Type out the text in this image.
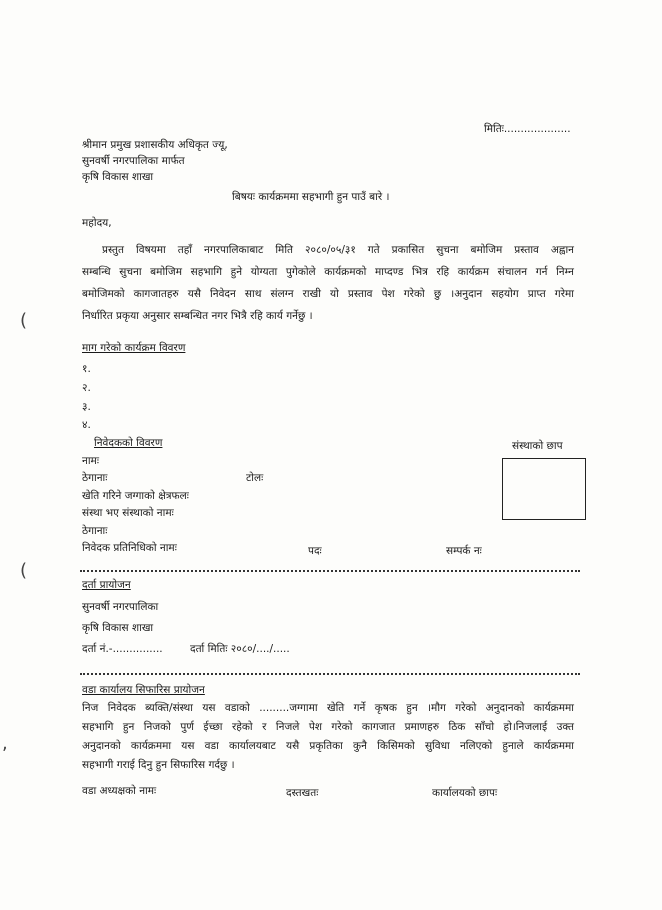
मितिः....................
श्रीमान प्रमुख प्रशासकीय अधिकृत ज्यू,
सुनवर्षी नगरपालिका मार्फत
कृषि विकास शाखा
बिषयः कार्यक्रममा सहभागी हुन पाउँ बारे ।
महोदय,
प्रस्तुत विषयमा तहाँ नगरपालिकाबाट मिति २०८०/०५/३१ गते प्रकासित सुचना बमोजिम प्रस्ताव अह्वान
सम्बन्धि सुचना बमोजिम सहभागि हुने योग्यता पुगेकोले कार्यक्रमको माप्दण्ड भित्र रहि कार्यक्रम संचालन गर्न निम्न
बमोजिमको कागजातहरु यसै निवेदन साथ संलग्न राखी यो प्रस्ताव पेश गरेको छु ।अनुदान सहयोग प्राप्त गरेमा
निर्धारित प्रकृया अनुसार सम्बन्धित नगर भित्रै रहि कार्य गर्नेछु ।
(
माग गरेको कार्यक्रम विवरण
१.
२.
३.
४.
निवेदकको विवरण	संस्थाको छाप
नामः
ठेगानाः	टोलः
खेति गरिने जग्गाको क्षेत्रफलः
संस्था भए संस्थाको नामः
ठेगानाः
निवेदक प्रतिनिधिको नामः	पदः	सम्पर्क नः
(
दर्ता प्रायोजन
सुनवर्षी नगरपालिका
कृषि विकास शाखा
दर्ता नं.-...............	दर्ता मितिः २०८०/..../.....
वडा कार्यालय सिफारिस प्रायोजन
निज निवेदक ब्यक्ति/संस्था यस वडाको .........जग्गामा खेति गर्ने कृषक हुन ।मौग गरेको अनुदानको कार्यक्रममा
सहभागि हुन निजको पुर्ण ईच्छा रहेको र निजले पेश गरेको कागजात प्रमाणहरु ठिक साँचो हो।निजलाई उक्त
अनुदानको कार्यक्रममा यस वडा कार्यालयबाट यसै प्रकृतिका कुनै किसिमको सुविधा नलिएको हुनाले कार्यक्रममा
सहभागी गराई दिनु हुन सिफारिस गर्दछु ।
,
वडा अध्यक्षको नामः	दस्तखतः	कार्यालयको छापः
